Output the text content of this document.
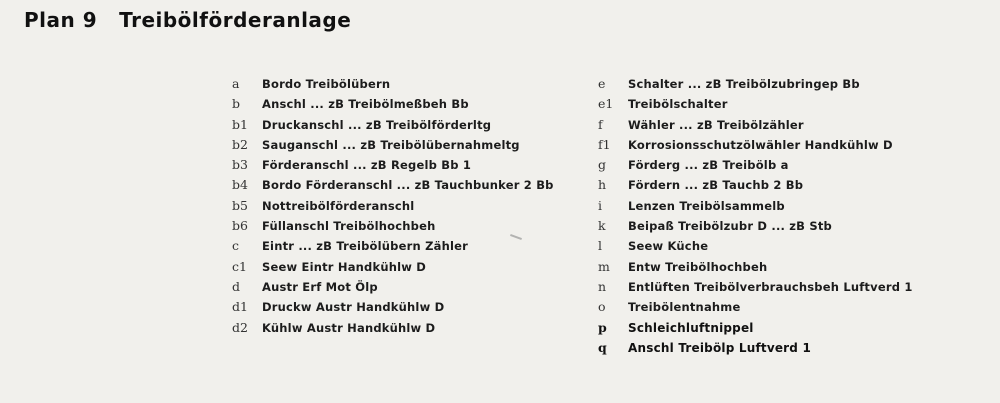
Plan 9 Treibölförderanlage
a	Bordo Treibölübern
b	Anschl ... zB Treibölmeßbeh Bb
b1	Druckanschl ... zB Treibölförderltg
b2	Sauganschl ... zB Treibölübernahmeltg
b3	Förderanschl ... zB Regelb Bb 1
b4	Bordo Förderanschl ... zB Tauchbunker 2 Bb
b5	Nottreibölförderanschl
b6	Füllanschl Treibölhochbeh
c	Eintr ... zB Treibölübern Zähler
c1	Seew Eintr Handkühlw D
d	Austr Erf Mot Ölp
d1	Druckw Austr Handkühlw D
d2	Kühlw Austr Handkühlw D
e	Schalter ... zB Treibölzubringep Bb
e1	Treibölschalter
f	Wähler ... zB Treibölzähler
f1	Korrosionsschutzölwähler Handkühlw D
g	Förderg ... zB Treibölb a
h	Fördern ... zB Tauchb 2 Bb
i	Lenzen Treibölsammelb
k	Beipaß Treibölzubr D ... zB Stb
l	Seew Küche
m	Entw Treibölhochbeh
n	Entlüften Treibölverbrauchsbeh Luftverd 1
o	Treibölentnahme
p	Schleichluftnippel
q	Anschl Treibölp Luftverd 1
